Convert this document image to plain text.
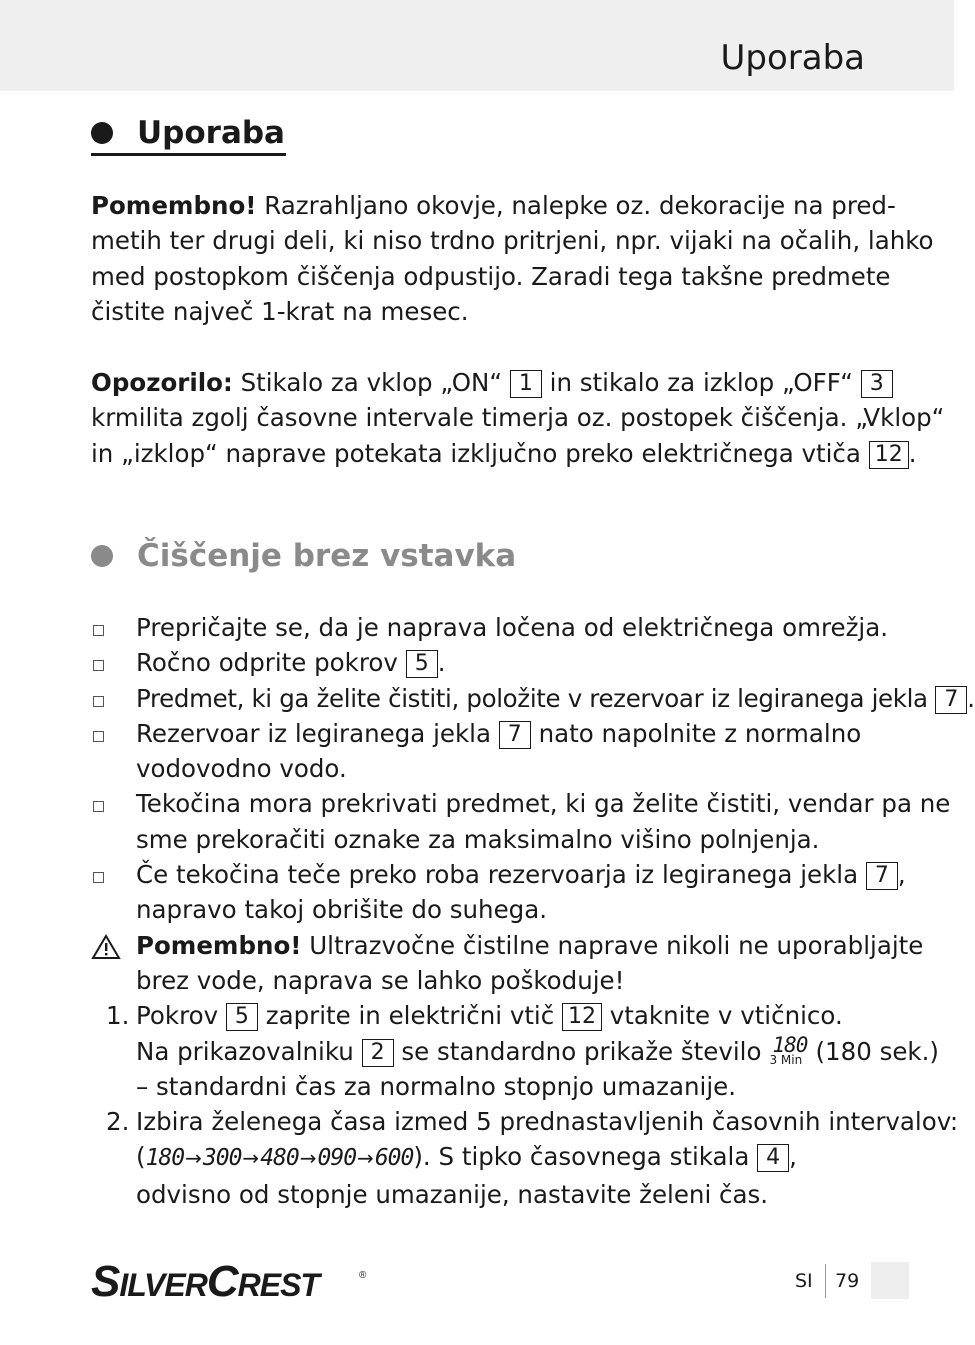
Uporaba
Uporaba
Pomembno! Razrahljano okovje, nalepke oz. dekoracije na pred-
metih ter drugi deli, ki niso trdno pritrjeni, npr. vijaki na očalih, lahko
med postopkom čiščenja odpustijo. Zaradi tega takšne predmete
čistite največ 1-krat na mesec.
Opozorilo: Stikalo za vklop „ON“ 1 in stikalo za izklop „OFF“ 3
krmilita zgolj časovne intervale timerja oz. postopek čiščenja. „Vklop“
in „izklop“ naprave potekata izključno preko električnega vtiča 12 .
Čiščenje brez vstavka
Prepričajte se, da je naprava ločena od električnega omrežja.
Ročno odprite pokrov 5 .
Predmet, ki ga želite čistiti, položite v rezervoar iz legiranega jekla 7 .
Rezervoar iz legiranega jekla 7 nato napolnite z normalno
vodovodno vodo.
Tekočina mora prekrivati predmet, ki ga želite čistiti, vendar pa ne
sme prekoračiti oznake za maksimalno višino polnjenja.
Če tekočina teče preko roba rezervoarja iz legiranega jekla 7 ,
napravo takoj obrišite do suhega.
Pomembno! Ultrazvočne čistilne naprave nikoli ne uporabljajte
brez vode, naprava se lahko poškoduje!
1. Pokrov 5 zaprite in električni vtič 12 vtaknite v vtičnico.
Na prikazovalniku 2 se standardno prikaže število 180
3 Min (180 sek.)
– standardni čas za normalno stopnjo umazanije.
2. Izbira želenega časa izmed 5 prednastavljenih časovnih intervalov:
(180→300→480→090→600). S tipko časovnega stikala 4 ,
odvisno od stopnje umazanije, nastavite želeni čas.
SILVERCREST	®	SI 79
